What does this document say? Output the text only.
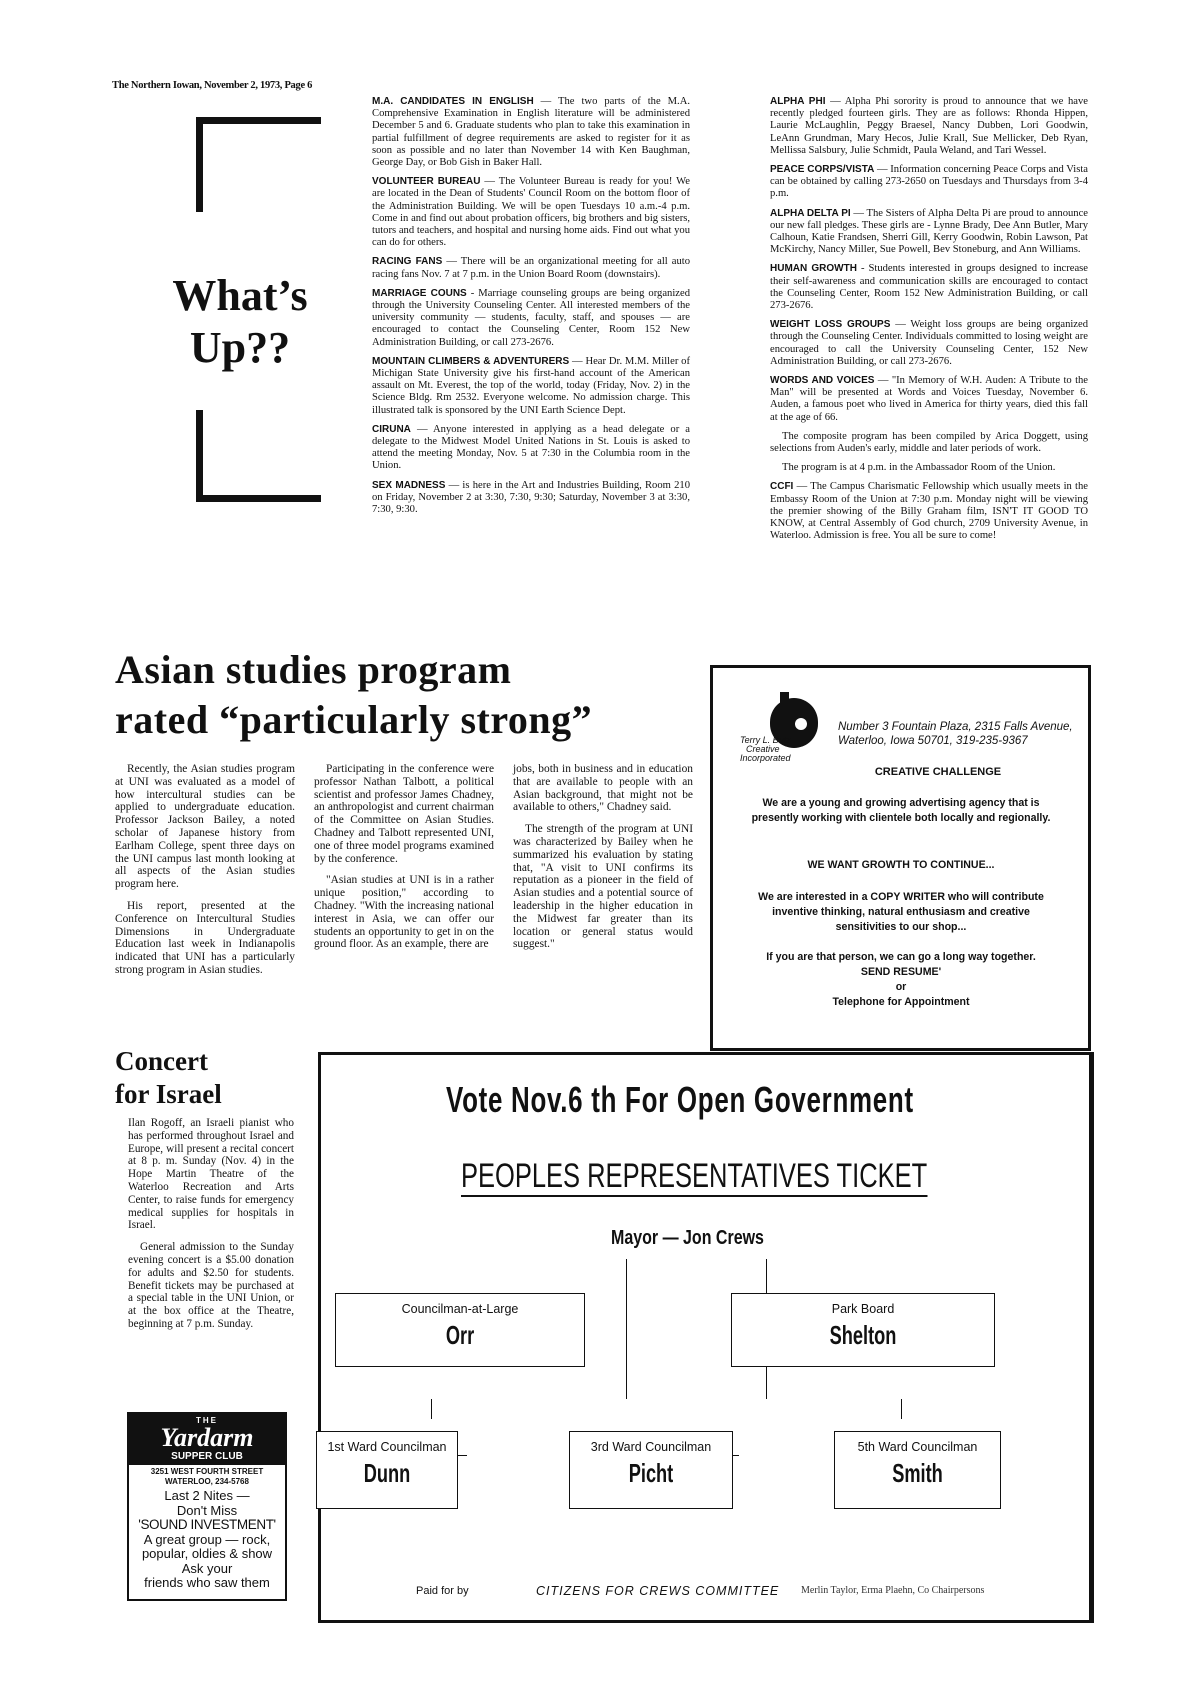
The Northern Iowan, November 2, 1973, Page 6
What’s
Up??

M.A. CANDIDATES IN ENGLISH — The two parts of the M.A. Comprehensive Examination in English literature will be administered December 5 and 6. Graduate students who plan to take this examination in partial fulfillment of degree requirements are asked to register for it as soon as possible and no later than November 14 with Ken Baughman, George Day, or Bob Gish in Baker Hall.

VOLUNTEER BUREAU — The Volunteer Bureau is ready for you! We are located in the Dean of Students' Council Room on the bottom floor of the Administration Building. We will be open Tuesdays 10 a.m.-4 p.m. Come in and find out about probation officers, big brothers and big sisters, tutors and teachers, and hospital and nursing home aids. Find out what you can do for others.

RACING FANS — There will be an organizational meeting for all auto racing fans Nov. 7 at 7 p.m. in the Union Board Room (downstairs).

MARRIAGE COUNS - Marriage counseling groups are being organized through the University Counseling Center. All interested members of the university community — students, faculty, staff, and spouses — are encouraged to contact the Counseling Center, Room 152 New Administration Building, or call 273-2676.

MOUNTAIN CLIMBERS & ADVENTURERS — Hear Dr. M.M. Miller of Michigan State University give his first-hand account of the American assault on Mt. Everest, the top of the world, today (Friday, Nov. 2) in the Science Bldg. Rm 2532. Everyone welcome. No admission charge. This illustrated talk is sponsored by the UNI Earth Science Dept.

CIRUNA — Anyone interested in applying as a head delegate or a delegate to the Midwest Model United Nations in St. Louis is asked to attend the meeting Monday, Nov. 5 at 7:30 in the Columbia room in the Union.

SEX MADNESS — is here in the Art and Industries Building, Room 210 on Friday, November 2 at 3:30, 7:30, 9:30; Saturday, November 3 at 3:30, 7:30, 9:30.

ALPHA PHI — Alpha Phi sorority is proud to announce that we have recently pledged fourteen girls. They are as follows: Rhonda Hippen, Laurie McLaughlin, Peggy Braesel, Nancy Dubben, Lori Goodwin, LeAnn Grundman, Mary Hecos, Julie Krall, Sue Mellicker, Deb Ryan, Mellissa Salsbury, Julie Schmidt, Paula Weland, and Tari Wessel.

PEACE CORPS/VISTA — Information concerning Peace Corps and Vista can be obtained by calling 273-2650 on Tuesdays and Thursdays from 3-4 p.m.

ALPHA DELTA PI — The Sisters of Alpha Delta Pi are proud to announce our new fall pledges. These girls are - Lynne Brady, Dee Ann Butler, Mary Calhoun, Katie Frandsen, Sherri Gill, Kerry Goodwin, Robin Lawson, Pat McKirchy, Nancy Miller, Sue Powell, Bev Stoneburg, and Ann Williams.

HUMAN GROWTH - Students interested in groups designed to increase their self-awareness and communication skills are encouraged to contact the Counseling Center, Room 152 New Administration Building, or call 273-2676.

WEIGHT LOSS GROUPS — Weight loss groups are being organized through the Counseling Center. Individuals committed to losing weight are encouraged to call the University Counseling Center, 152 New Administration Building, or call 273-2676.

WORDS AND VOICES — "In Memory of W.H. Auden: A Tribute to the Man" will be presented at Words and Voices Tuesday, November 6. Auden, a famous poet who lived in America for thirty years, died this fall at the age of 66.

The composite program has been compiled by Arica Doggett, using selections from Auden's early, middle and later periods of work.

The program is at 4 p.m. in the Ambassador Room of the Union.

CCFI — The Campus Charismatic Fellowship which usually meets in the Embassy Room of the Union at 7:30 p.m. Monday night will be viewing the premier showing of the Billy Graham film, ISN'T IT GOOD TO KNOW, at Central Assembly of God church, 2709 University Avenue, in Waterloo. Admission is free. You all be sure to come!

Asian studies program
rated “particularly strong”

Recently, the Asian studies program at UNI was evaluated as a model of how intercultural studies can be applied to undergraduate education. Professor Jackson Bailey, a noted scholar of Japanese history from Earlham College, spent three days on the UNI campus last month looking at all aspects of the Asian studies program here.

His report, presented at the Conference on Intercultural Studies Dimensions in Undergraduate Education last week in Indianapolis indicated that UNI has a particularly strong program in Asian studies.

Participating in the conference were professor Nathan Talbott, a political scientist and professor James Chadney, an anthropologist and current chairman of the Committee on Asian Studies. Chadney and Talbott represented UNI, one of three model programs examined by the conference.

"Asian studies at UNI is in a rather unique position," according to Chadney. "With the increasing national interest in Asia, we can offer our students an opportunity to get in on the ground floor. As an example, there are

jobs, both in business and in education that are available to people with an Asian background, that might not be available to others," Chadney said.

The strength of the program at UNI was characterized by Bailey when he summarized his evaluation by stating that, "A visit to UNI confirms its reputation as a pioneer in the field of Asian studies and a potential source of leadership in the higher education in the Midwest far greater than its location or general status would suggest."

Terry L. Butz
Creative
Incorporated
Number 3 Fountain Plaza, 2315 Falls Avenue,
Waterloo, Iowa 50701, 319-235-9367
CREATIVE CHALLENGE
We are a young and growing advertising agency that is presently working with clientele both locally and regionally.
WE WANT GROWTH TO CONTINUE...
We are interested in a COPY WRITER who will contribute inventive thinking, natural enthusiasm and creative sensitivities to our shop...
If you are that person, we can go a long way together.
SEND RESUME'
or
Telephone for Appointment
Concert
for Israel

Ilan Rogoff, an Israeli pianist who has performed throughout Israel and Europe, will present a recital concert at 8 p. m. Sunday (Nov. 4) in the Hope Martin Theatre of the Waterloo Recreation and Arts Center, to raise funds for emergency medical supplies for hospitals in Israel.

General admission to the Sunday evening concert is a $5.00 donation for adults and $2.50 for students. Benefit tickets may be purchased at a special table in the UNI Union, or at the box office at the Theatre, beginning at 7 p.m. Sunday.

THE
Yardarm
SUPPER CLUB
3251 WEST FOURTH STREET
WATERLOO, 234-5768
Last 2 Nites —
Don't Miss
'SOUND INVESTMENT'
A great group — rock,
popular, oldies & show
Ask your
friends who saw them
Vote Nov.6 th For Open Government
PEOPLES REPRESENTATIVES TICKET
Mayor — Jon Crews
Councilman-at-Large
Orr
Park Board
Shelton
1st Ward Councilman
Dunn
3rd Ward Councilman
Picht
5th Ward Councilman
Smith
Paid for by	CITIZENS FOR CREWS COMMITTEE Merlin Taylor, Erma Plaehn, Co Chairpersons
